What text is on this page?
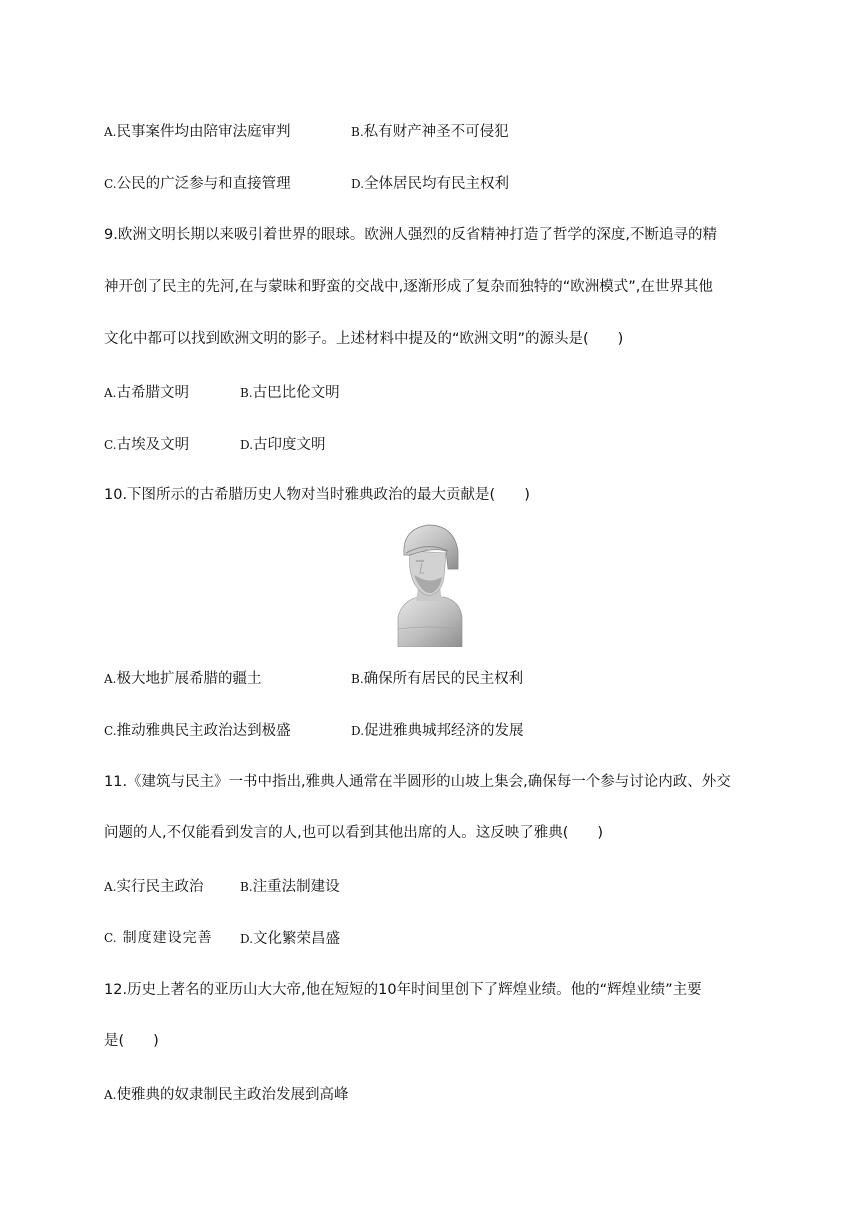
A.民事案件均由陪审法庭审判	B.私有财产神圣不可侵犯
C.公民的广泛参与和直接管理	D.全体居民均有民主权利
9.欧洲文明长期以来吸引着世界的眼球。欧洲人强烈的反省精神打造了哲学的深度,不断追寻的精
神开创了民主的先河,在与蒙昧和野蛮的交战中,逐渐形成了复杂而独特的“欧洲模式”,在世界其他
文化中都可以找到欧洲文明的影子。上述材料中提及的“欧洲文明”的源头是(　　)
A.古希腊文明	B.古巴比伦文明
C.古埃及文明	D.古印度文明
10.下图所示的古希腊历史人物对当时雅典政治的最大贡献是(　　)
A.极大地扩展希腊的疆土	B.确保所有居民的民主权利
C.推动雅典民主政治达到极盛	D.促进雅典城邦经济的发展
11.《建筑与民主》一书中指出,雅典人通常在半圆形的山坡上集会,确保每一个参与讨论内政、外交
问题的人,不仅能看到发言的人,也可以看到其他出席的人。这反映了雅典(　　)
A.实行民主政治	B.注重法制建设
C. 制度建设完善 D.文化繁荣昌盛
12.历史上著名的亚历山大大帝,他在短短的10年时间里创下了辉煌业绩。他的“辉煌业绩”主要
是(　　)
A.使雅典的奴隶制民主政治发展到高峰
